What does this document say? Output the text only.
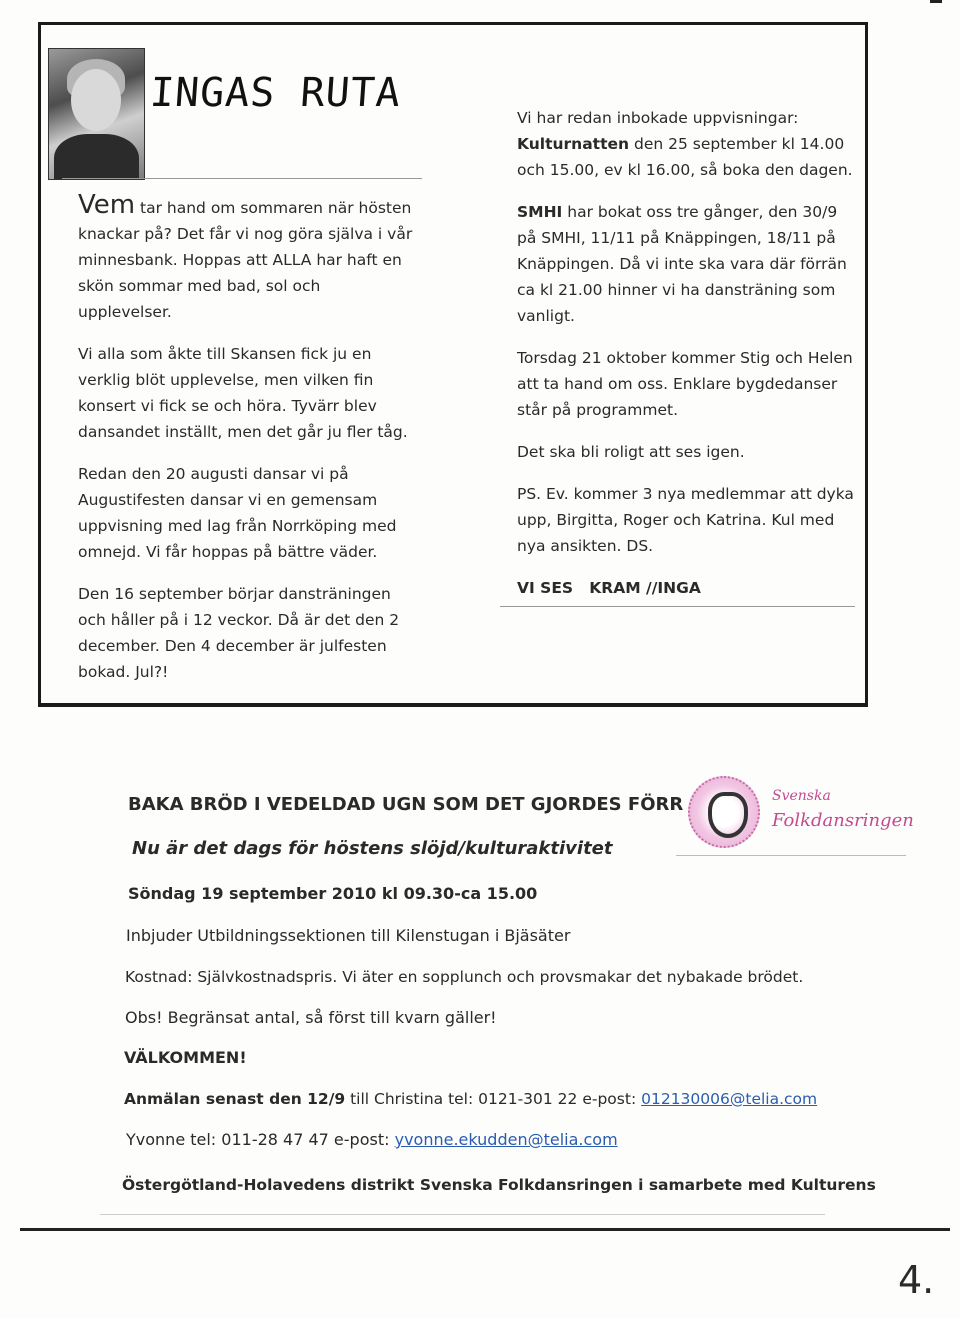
INGAS RUTA

Vem tar hand om sommaren när hösten knackar på? Det får vi nog göra själva i vår minnesbank. Hoppas att ALLA har haft en skön sommar med bad, sol och upplevelser.

Vi alla som åkte till Skansen fick ju en verklig blöt upplevelse, men vilken fin konsert vi fick se och höra. Tyvärr blev dansandet inställt, men det går ju fler tåg.

Redan den 20 augusti dansar vi på Augustifesten dansar vi en gemensam uppvisning med lag från Norrköping med omnejd. Vi får hoppas på bättre väder.

Den 16 september börjar dansträningen och håller på i 12 veckor. Då är det den 2 december. Den 4 december är julfesten bokad. Jul?!

Vi har redan inbokade uppvisningar:
Kulturnatten den 25 september kl 14.00 och 15.00, ev kl 16.00, så boka den dagen.

SMHI har bokat oss tre gånger, den 30/9 på SMHI, 11/11 på Knäppingen, 18/11 på Knäppingen. Då vi inte ska vara där förrän ca kl 21.00 hinner vi ha dansträning som vanligt.

Torsdag 21 oktober kommer Stig och Helen att ta hand om oss. Enklare bygdedanser står på programmet.

Det ska bli roligt att ses igen.

PS. Ev. kommer 3 nya medlemmar att dyka upp, Birgitta, Roger och Katrina. Kul med nya ansikten. DS.

VI SES KRAM //INGA

Svenska
Folkdansringen
BAKA BRÖD I VEDELDAD UGN SOM DET GJORDES FÖRR
Nu är det dags för höstens slöjd/kulturaktivitet
Söndag 19 september 2010 kl 09.30-ca 15.00
Inbjuder Utbildningssektionen till Kilenstugan i Bjäsäter
Kostnad: Självkostnadspris. Vi äter en sopplunch och provsmakar det nybakade brödet.
Obs! Begränsat antal, så först till kvarn gäller!
VÄLKOMMEN!
Anmälan senast den 12/9 till Christina tel: 0121-301 22 e-post: 012130006@telia.com
Yvonne tel: 011-28 47 47 e-post: yvonne.ekudden@telia.com
Östergötland-Holavedens distrikt Svenska Folkdansringen i samarbete med Kulturens
4.
